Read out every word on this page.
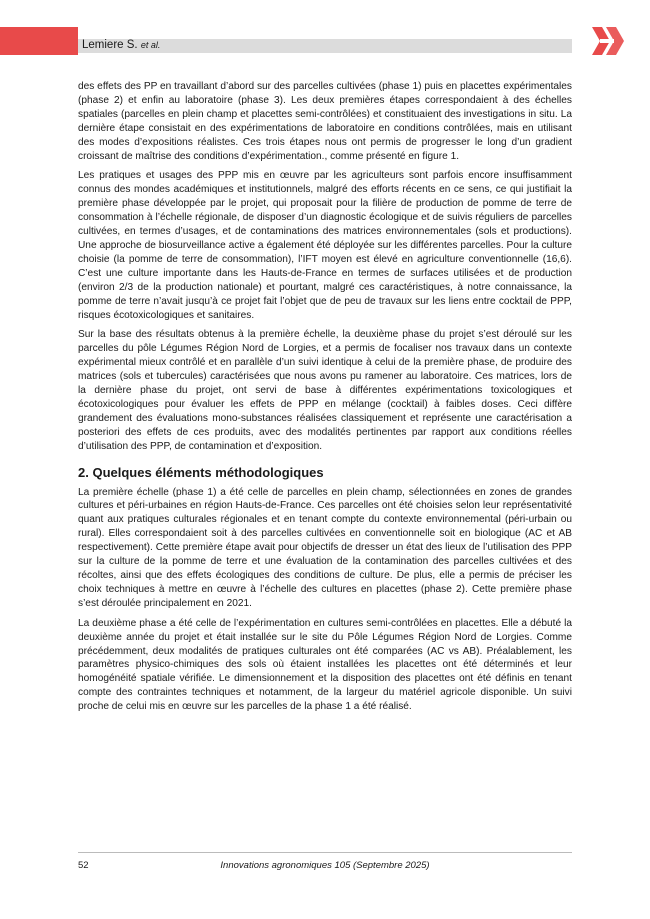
Lemiere S. et al.

des effets des PP en travaillant d’abord sur des parcelles cultivées (phase 1) puis en placettes expérimentales (phase 2) et enfin au laboratoire (phase 3). Les deux premières étapes correspondaient à des échelles spatiales (parcelles en plein champ et placettes semi-contrôlées) et constituaient des investigations in situ. La dernière étape consistait en des expérimentations de laboratoire en conditions contrôlées, mais en utilisant des modes d’expositions réalistes. Ces trois étapes nous ont permis de progresser le long d’un gradient croissant de maîtrise des conditions d’expérimentation., comme présenté en figure 1.

Les pratiques et usages des PPP mis en œuvre par les agriculteurs sont parfois encore insuffisamment connus des mondes académiques et institutionnels, malgré des efforts récents en ce sens, ce qui justifiait la première phase développée par le projet, qui proposait pour la filière de production de pomme de terre de consommation à l’échelle régionale, de disposer d’un diagnostic écologique et de suivis réguliers de parcelles cultivées, en termes d’usages, et de contaminations des matrices environnementales (sols et productions). Une approche de biosurveillance active a également été déployée sur les différentes parcelles. Pour la culture choisie (la pomme de terre de consommation), l’IFT moyen est élevé en agriculture conventionnelle (16,6). C’est une culture importante dans les Hauts-de-France en termes de surfaces utilisées et de production (environ 2/3 de la production nationale) et pourtant, malgré ces caractéristiques, à notre connaissance, la pomme de terre n’avait jusqu’à ce projet fait l’objet que de peu de travaux sur les liens entre cocktail de PPP, risques écotoxicologiques et sanitaires.

Sur la base des résultats obtenus à la première échelle, la deuxième phase du projet s’est déroulé sur les parcelles du pôle Légumes Région Nord de Lorgies, et a permis de focaliser nos travaux dans un contexte expérimental mieux contrôlé et en parallèle d’un suivi identique à celui de la première phase, de produire des matrices (sols et tubercules) caractérisées que nous avons pu ramener au laboratoire. Ces matrices, lors de la dernière phase du projet, ont servi de base à différentes expérimentations toxicologiques et écotoxicologiques pour évaluer les effets de PPP en mélange (cocktail) à faibles doses. Ceci diffère grandement des évaluations mono-substances réalisées classiquement et représente une caractérisation a posteriori des effets de ces produits, avec des modalités pertinentes par rapport aux conditions réelles d’utilisation des PPP, de contamination et d’exposition.

2. Quelques éléments méthodologiques

La première échelle (phase 1) a été celle de parcelles en plein champ, sélectionnées en zones de grandes cultures et péri-urbaines en région Hauts-de-France. Ces parcelles ont été choisies selon leur représentativité quant aux pratiques culturales régionales et en tenant compte du contexte environnemental (péri-urbain ou rural). Elles correspondaient soit à des parcelles cultivées en conventionnelle soit en biologique (AC et AB respectivement). Cette première étape avait pour objectifs de dresser un état des lieux de l’utilisation des PPP sur la culture de la pomme de terre et une évaluation de la contamination des parcelles cultivées et des récoltes, ainsi que des effets écologiques des conditions de culture. De plus, elle a permis de préciser les choix techniques à mettre en œuvre à l’échelle des cultures en placettes (phase 2). Cette première phase s’est déroulée principalement en 2021.

La deuxième phase a été celle de l’expérimentation en cultures semi-contrôlées en placettes. Elle a débuté la deuxième année du projet et était installée sur le site du Pôle Légumes Région Nord de Lorgies. Comme précédemment, deux modalités de pratiques culturales ont été comparées (AC vs AB). Préalablement, les paramètres physico-chimiques des sols où étaient installées les placettes ont été déterminés et leur homogénéité spatiale vérifiée. Le dimensionnement et la disposition des placettes ont été définis en tenant compte des contraintes techniques et notamment, de la largeur du matériel agricole disponible. Un suivi proche de celui mis en œuvre sur les parcelles de la phase 1 a été réalisé.

52	Innovations agronomiques 105 (Septembre 2025)
